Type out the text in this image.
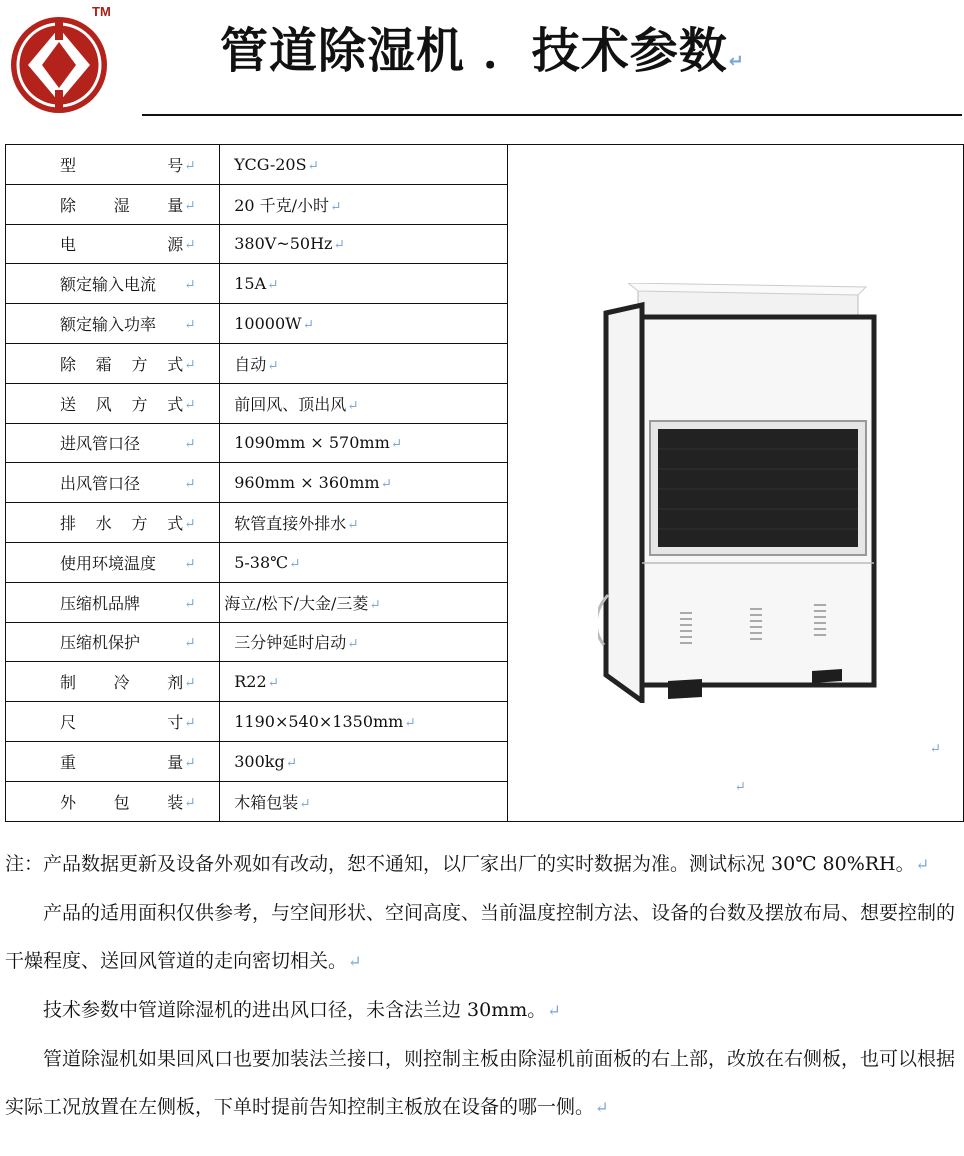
TM
管道除湿机 ．技术参数↵
型号 ↵	YCG-20S↵	↵
↵

除湿量 ↵	20 千克/小时↵	

电源 ↵	380V~50Hz↵	

额定输入电流 ↵	15A↵	

额定输入功率 ↵	10000W↵	

除霜方式 ↵	自动↵	

送风方式 ↵	前回风、顶出风↵	

进风管口径 ↵	1090mm × 570mm↵	

出风管口径 ↵	960mm × 360mm↵	

排水方式 ↵	软管直接外排水↵	

使用环境温度 ↵	5-38℃↵	

压缩机品牌 ↵	海立/松下/大金/三菱↵	

压缩机保护 ↵	三分钟延时启动↵	

制冷剂 ↵	R22↵	

尺寸 ↵	1190×540×1350mm↵	

重量 ↵	300kg↵	

外包装 ↵	木箱包装↵	

注：产品数据更新及设备外观如有改动，恕不通知，以厂家出厂的实时数据为准。测试标况 30℃ 80%RH。↵

产品的适用面积仅供参考，与空间形状、空间高度、当前温度控制方法、设备的台数及摆放布局、想要控制的干燥程度、送回风管道的走向密切相关。↵

技术参数中管道除湿机的进出风口径，未含法兰边 30mm。↵

管道除湿机如果回风口也要加装法兰接口，则控制主板由除湿机前面板的右上部，改放在右侧板，也可以根据实际工况放置在左侧板，下单时提前告知控制主板放在设备的哪一侧。↵
